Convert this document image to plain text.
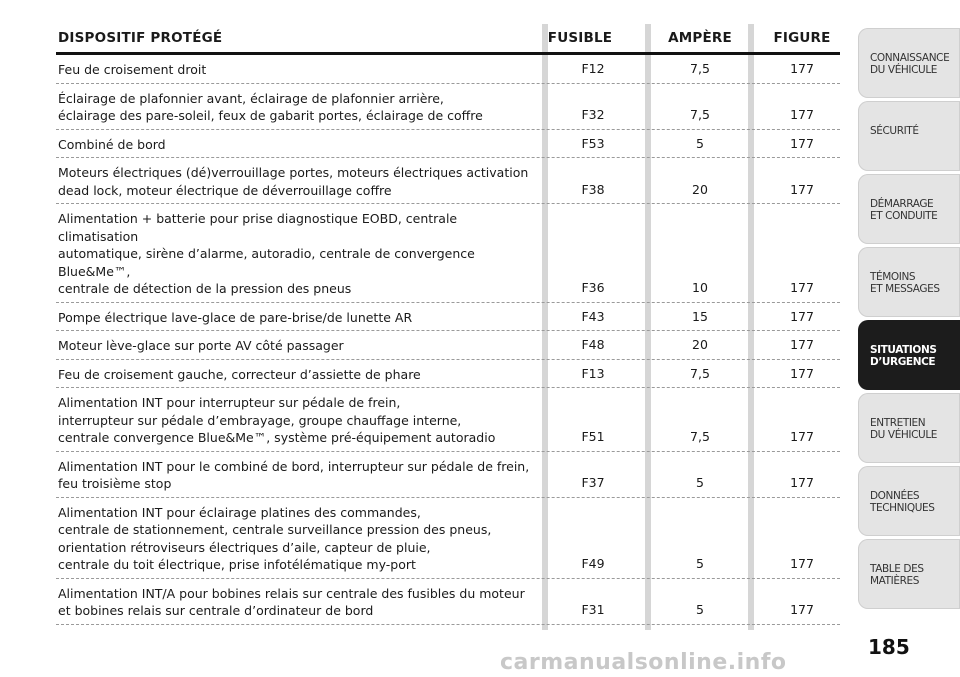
DISPOSITIF PROTÉGÉ	FUSIBLE	AMPÈRE	FIGURE
Feu de croisement droit	F12	7,5	177
Éclairage de plafonnier avant, éclairage de plafonnier arrière,
éclairage des pare-soleil, feux de gabarit portes, éclairage de coffre	F32	7,5	177
Combiné de bord	F53	5	177
Moteurs électriques (dé)verrouillage portes, moteurs électriques activation
dead lock, moteur électrique de déverrouillage coffre	F38	20	177
Alimentation + batterie pour prise diagnostique EOBD, centrale climatisation
automatique, sirène d’alarme, autoradio, centrale de convergence Blue&Me™,
centrale de détection de la pression des pneus	F36	10	177
Pompe électrique lave-glace de pare-brise/de lunette AR	F43	15	177
Moteur lève-glace sur porte AV côté passager	F48	20	177
Feu de croisement gauche, correcteur d’assiette de phare	F13	7,5	177
Alimentation INT pour interrupteur sur pédale de frein,
interrupteur sur pédale d’embrayage, groupe chauffage interne,
centrale convergence Blue&Me™, système pré-équipement autoradio	F51	7,5	177
Alimentation INT pour le combiné de bord, interrupteur sur pédale de frein,
feu troisième stop	F37	5	177
Alimentation INT pour éclairage platines des commandes,
centrale de stationnement, centrale surveillance pression des pneus,
orientation rétroviseurs électriques d’aile, capteur de pluie,
centrale du toit électrique, prise infotélématique my-port	F49	5	177
Alimentation INT/A pour bobines relais sur centrale des fusibles du moteur
et bobines relais sur centrale d’ordinateur de bord	F31	5	177
CONNAISSANCE
DU VÉHICULE
SÉCURITÉ
DÉMARRAGE
ET CONDUITE
TÉMOINS
ET MESSAGES
SITUATIONS
D’URGENCE
ENTRETIEN
DU VÉHICULE
DONNÉES
TECHNIQUES
TABLE DES
MATIÈRES
185
carmanualsonline.info
